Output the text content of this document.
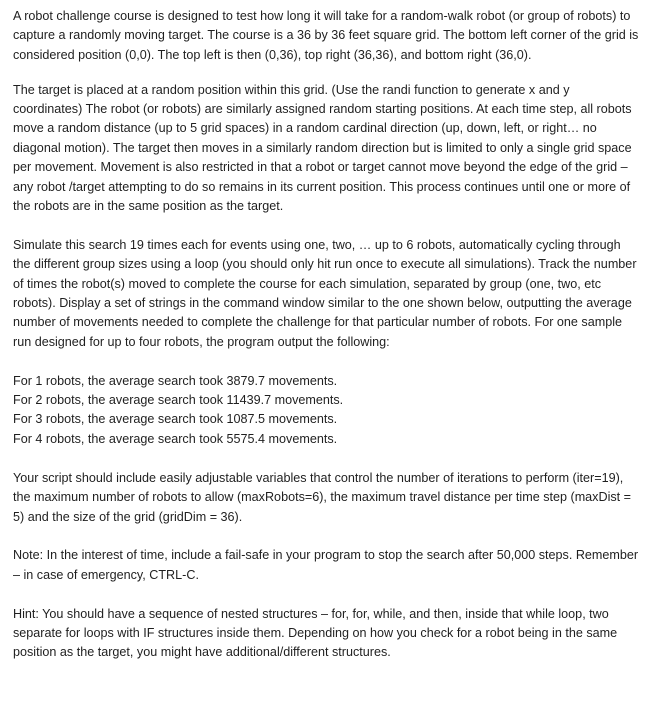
A robot challenge course is designed to test how long it will take for a random-walk robot (or group of robots) to capture a randomly moving target. The course is a 36 by 36 feet square grid. The bottom left corner of the grid is considered position (0,0). The top left is then (0,36), top right (36,36), and bottom right (36,0).

The target is placed at a random position within this grid. (Use the randi function to generate x and y coordinates) The robot (or robots) are similarly assigned random starting positions. At each time step, all robots move a random distance (up to 5 grid spaces) in a random cardinal direction (up, down, left, or right… no diagonal motion). The target then moves in a similarly random direction but is limited to only a single grid space per movement. Movement is also restricted in that a robot or target cannot move beyond the edge of the grid – any robot /target attempting to do so remains in its current position. This process continues until one or more of the robots are in the same position as the target.

Simulate this search 19 times each for events using one, two, … up to 6 robots, automatically cycling through the different group sizes using a loop (you should only hit run once to execute all simulations). Track the number of times the robot(s) moved to complete the course for each simulation, separated by group (one, two, etc robots). Display a set of strings in the command window similar to the one shown below, outputting the average number of movements needed to complete the challenge for that particular number of robots. For one sample run designed for up to four robots, the program output the following:

For 1 robots, the average search took 3879.7 movements.
For 2 robots, the average search took 11439.7 movements.
For 3 robots, the average search took 1087.5 movements.
For 4 robots, the average search took 5575.4 movements.

Your script should include easily adjustable variables that control the number of iterations to perform (iter=19), the maximum number of robots to allow (maxRobots=6), the maximum travel distance per time step (maxDist = 5) and the size of the grid (gridDim = 36).

Note: In the interest of time, include a fail-safe in your program to stop the search after 50,000 steps. Remember – in case of emergency, CTRL-C.

Hint: You should have a sequence of nested structures – for, for, while, and then, inside that while loop, two separate for loops with IF structures inside them. Depending on how you check for a robot being in the same position as the target, you might have additional/different structures.
